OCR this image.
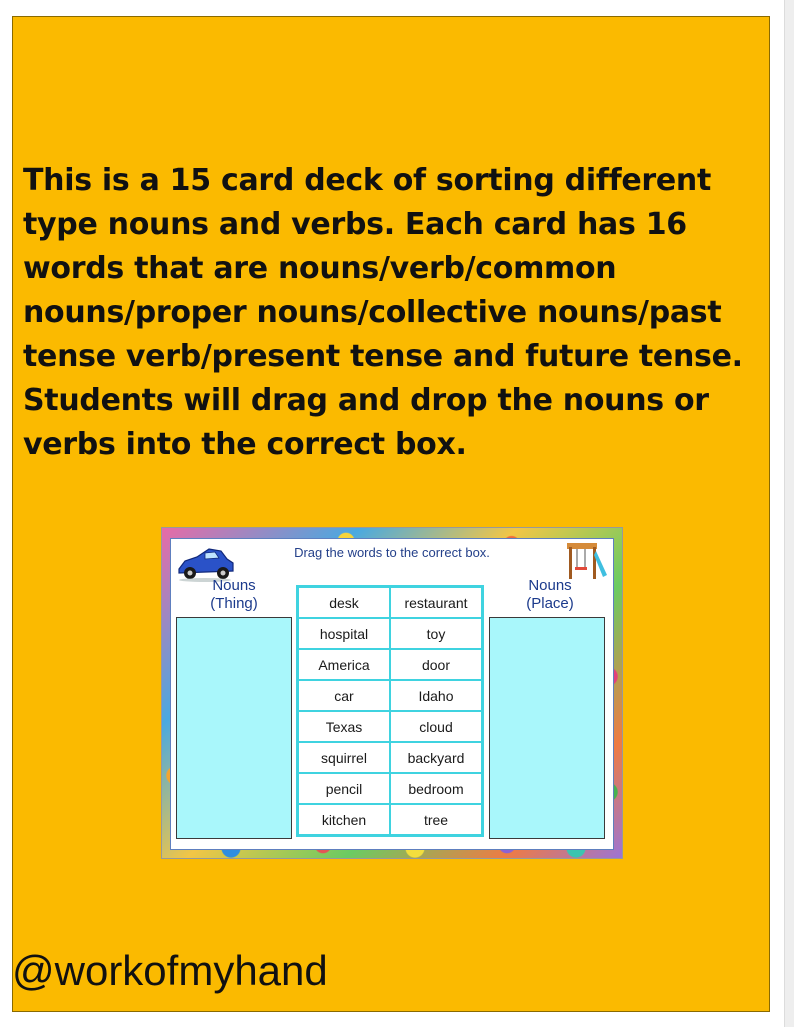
This is a 15 card deck of sorting different type nouns and verbs. Each card has 16 words that are nouns/verb/common nouns/proper nouns/collective nouns/past tense verb/present tense and future tense. Students will drag and drop the nouns or verbs into the correct box.

Drag the words to the correct box.
Nouns
(Thing)
Nouns
(Place)
desk	restaurant
hospital	toy
America	door
car	Idaho
Texas	cloud
squirrel	backyard
pencil	bedroom
kitchen	tree
@workofmyhand
